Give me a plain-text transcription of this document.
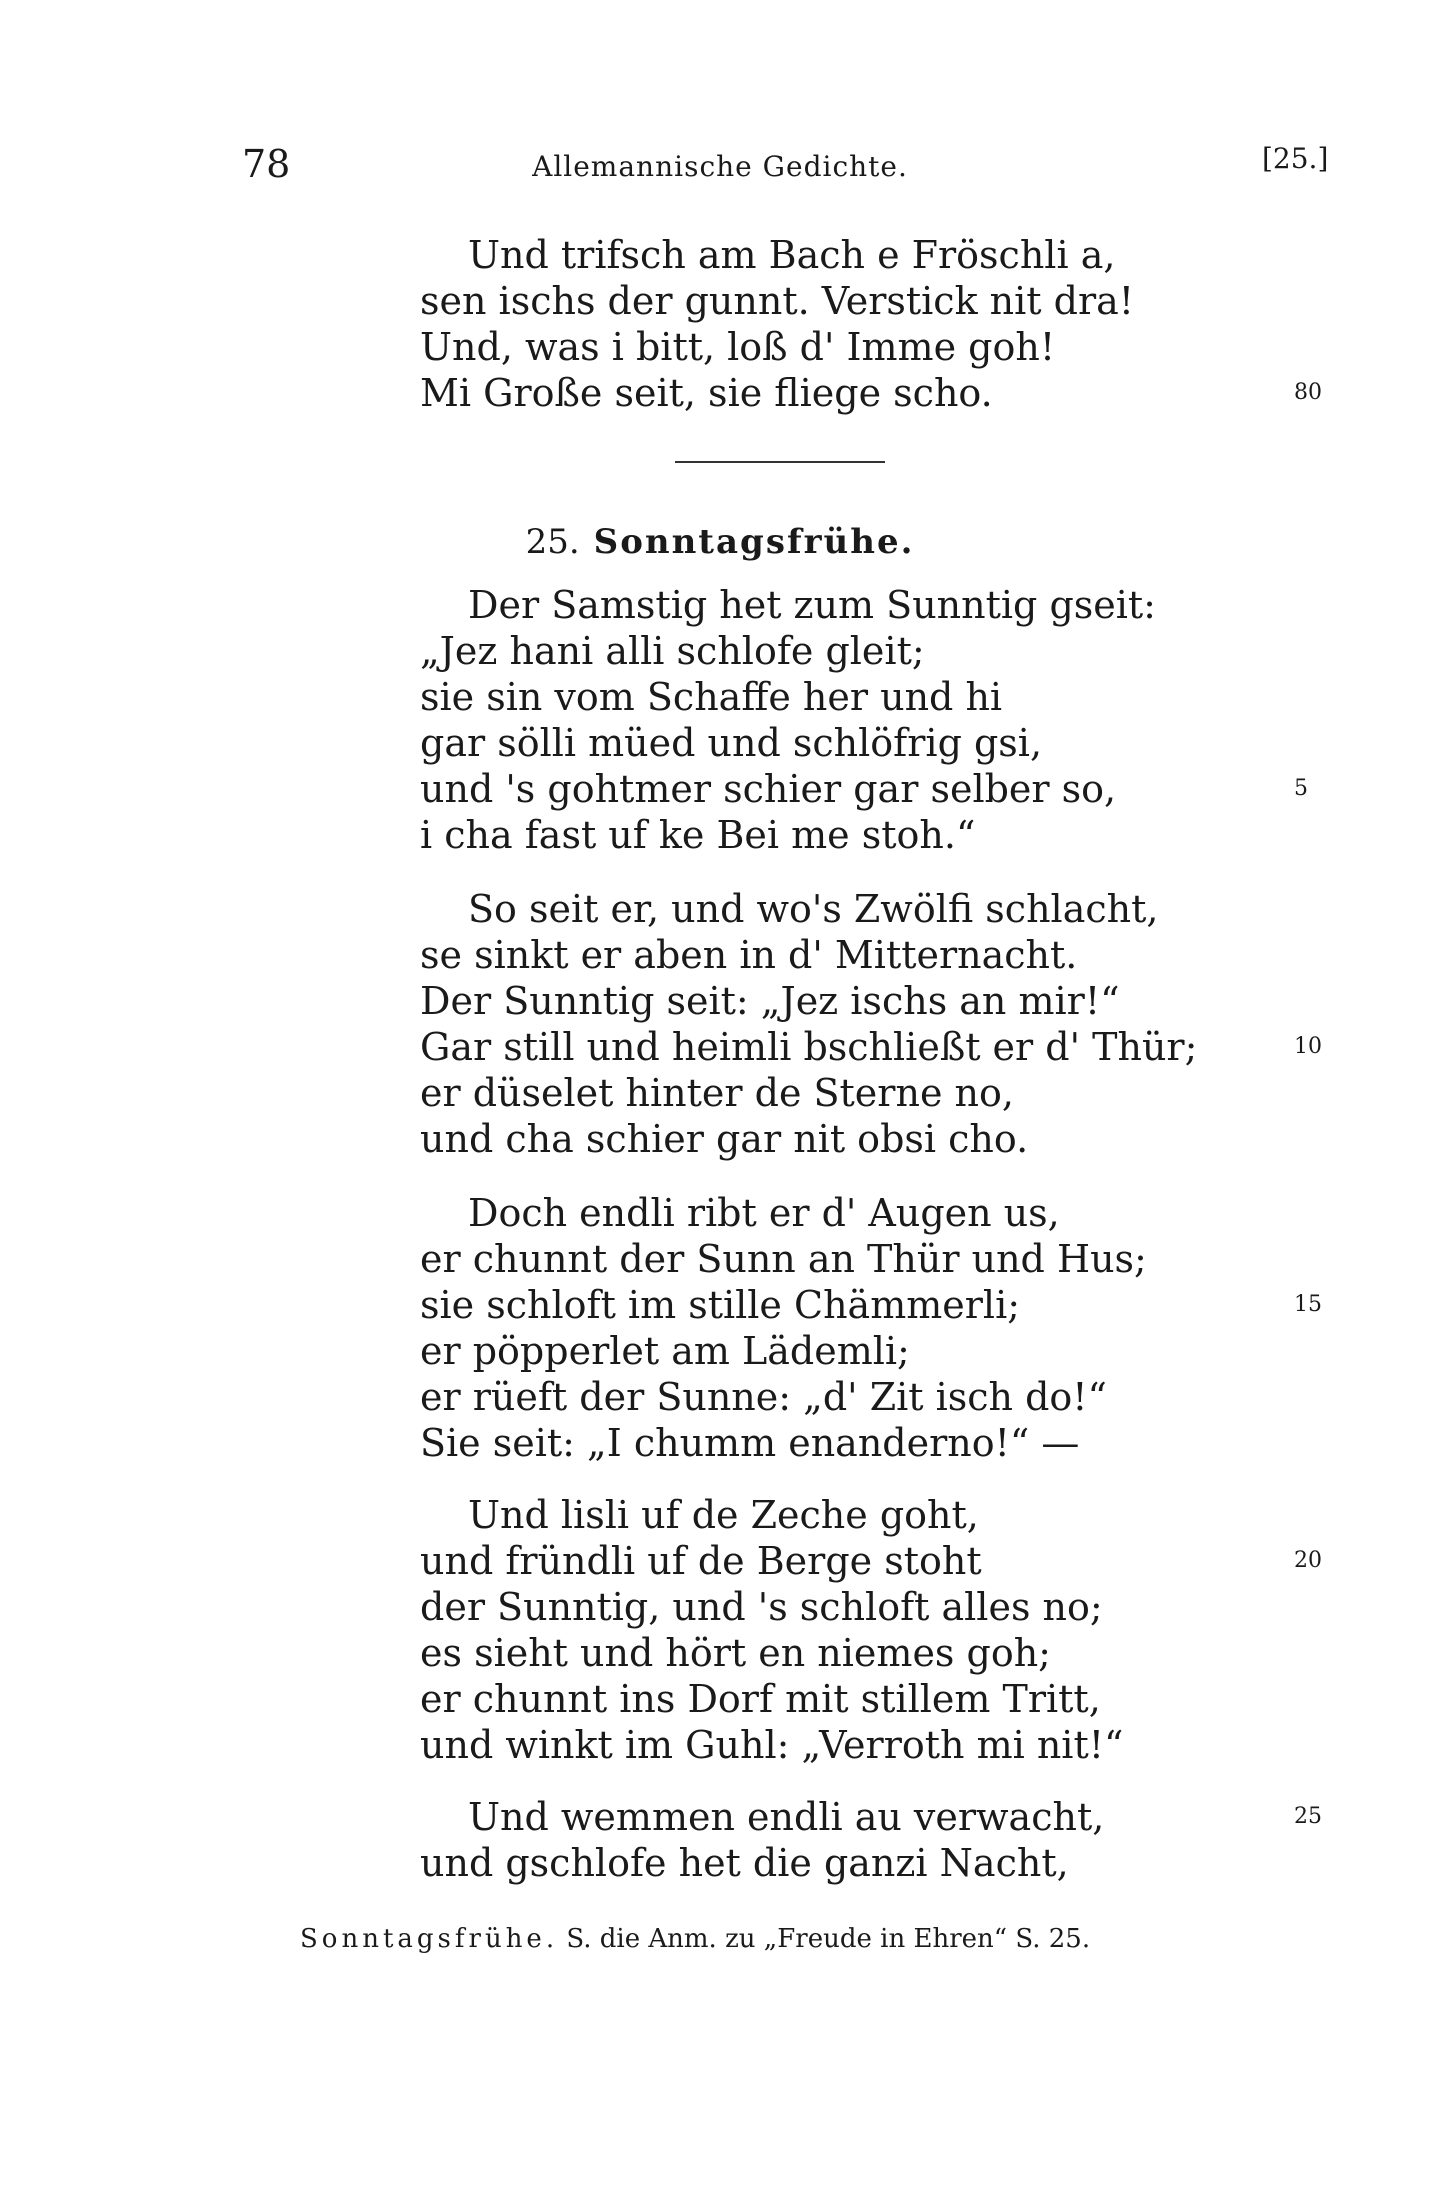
78	Allemannische Gedichte.	[25.]
Und trifsch am Bach e Fröschli a,
sen ischs der gunnt. Verstick nit dra!
Und, was i bitt, loß d' Imme goh!
Mi Große seit, sie fliege scho.	80
25. Sonntagsfrühe.
Der Samstig het zum Sunntig gseit:
„Jez hani alli schlofe gleit;
sie sin vom Schaffe her und hi
gar sölli müed und schlöfrig gsi,
und 's gohtmer schier gar selber so,
i cha fast uf ke Bei me stoh.“
5
So seit er, und wo's Zwölfi schlacht,
se sinkt er aben in d' Mitternacht.
Der Sunntig seit: „Jez ischs an mir!“
Gar still und heimli bschließt er d' Thür;
er düselet hinter de Sterne no,
und cha schier gar nit obsi cho.
10
Doch endli ribt er d' Augen us,
er chunnt der Sunn an Thür und Hus;
sie schloft im stille Chämmerli;
er pöpperlet am Lädemli;
er rüeft der Sunne: „d' Zit isch do!“
Sie seit: „I chumm enanderno!“ —
15
Und lisli uf de Zeche goht,
und fründli uf de Berge stoht
der Sunntig, und 's schloft alles no;
es sieht und hört en niemes goh;
er chunnt ins Dorf mit stillem Tritt,
und winkt im Guhl: „Verroth mi nit!“
20
Und wemmen endli au verwacht,
und gschlofe het die ganzi Nacht,
25
Sonntagsfrühe. S. die Anm. zu „Freude in Ehren“ S. 25.
